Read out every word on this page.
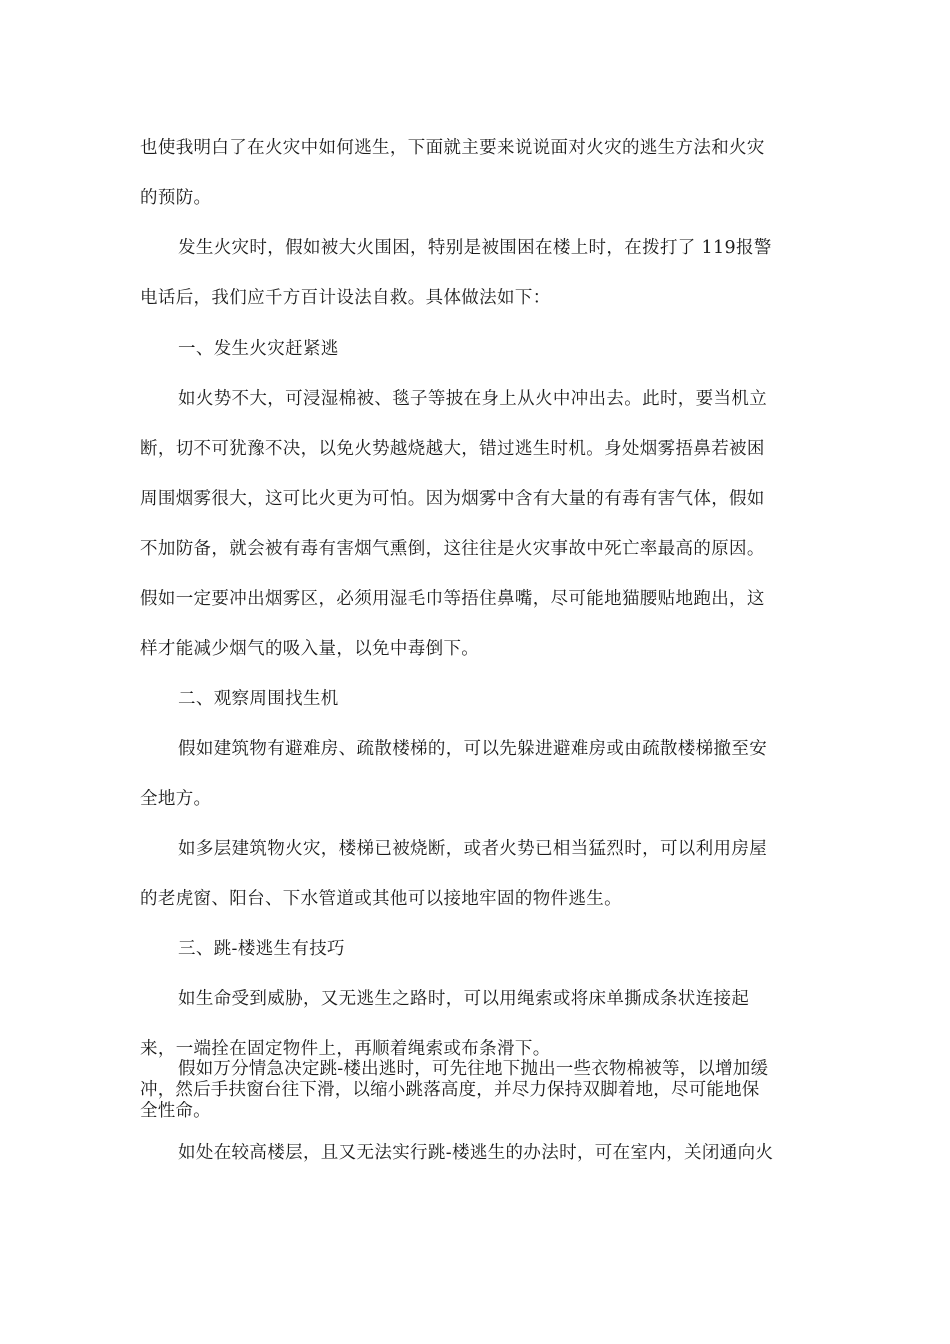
也使我明白了在火灾中如何逃生，下面就主要来说说面对火灾的逃生方法和火灾
的预防。
发生火灾时，假如被大火围困，特别是被围困在楼上时，在拨打了 119报警
电话后，我们应千方百计设法自救。具体做法如下：
一、发生火灾赶紧逃
如火势不大，可浸湿棉被、毯子等披在身上从火中冲出去。此时，要当机立
断，切不可犹豫不决，以免火势越烧越大，错过逃生时机。身处烟雾捂鼻若被困
周围烟雾很大，这可比火更为可怕。因为烟雾中含有大量的有毒有害气体，假如
不加防备，就会被有毒有害烟气熏倒，这往往是火灾事故中死亡率最高的原因。
假如一定要冲出烟雾区，必须用湿毛巾等捂住鼻嘴，尽可能地猫腰贴地跑出，这
样才能减少烟气的吸入量，以免中毒倒下。
二、观察周围找生机
假如建筑物有避难房、疏散楼梯的，可以先躲进避难房或由疏散楼梯撤至安
全地方。
如多层建筑物火灾，楼梯已被烧断，或者火势已相当猛烈时，可以利用房屋
的老虎窗、阳台、下水管道或其他可以接地牢固的物件逃生。
三、跳-楼逃生有技巧
如生命受到威胁，又无逃生之路时，可以用绳索或将床单撕成条状连接起
来，一端拴在固定物件上，再顺着绳索或布条滑下。
假如万分情急决定跳-楼出逃时，可先往地下抛出一些衣物棉被等，以增加缓
冲，然后手扶窗台往下滑，以缩小跳落高度，并尽力保持双脚着地，尽可能地保
全性命。
如处在较高楼层，且又无法实行跳-楼逃生的办法时，可在室内，关闭通向火
